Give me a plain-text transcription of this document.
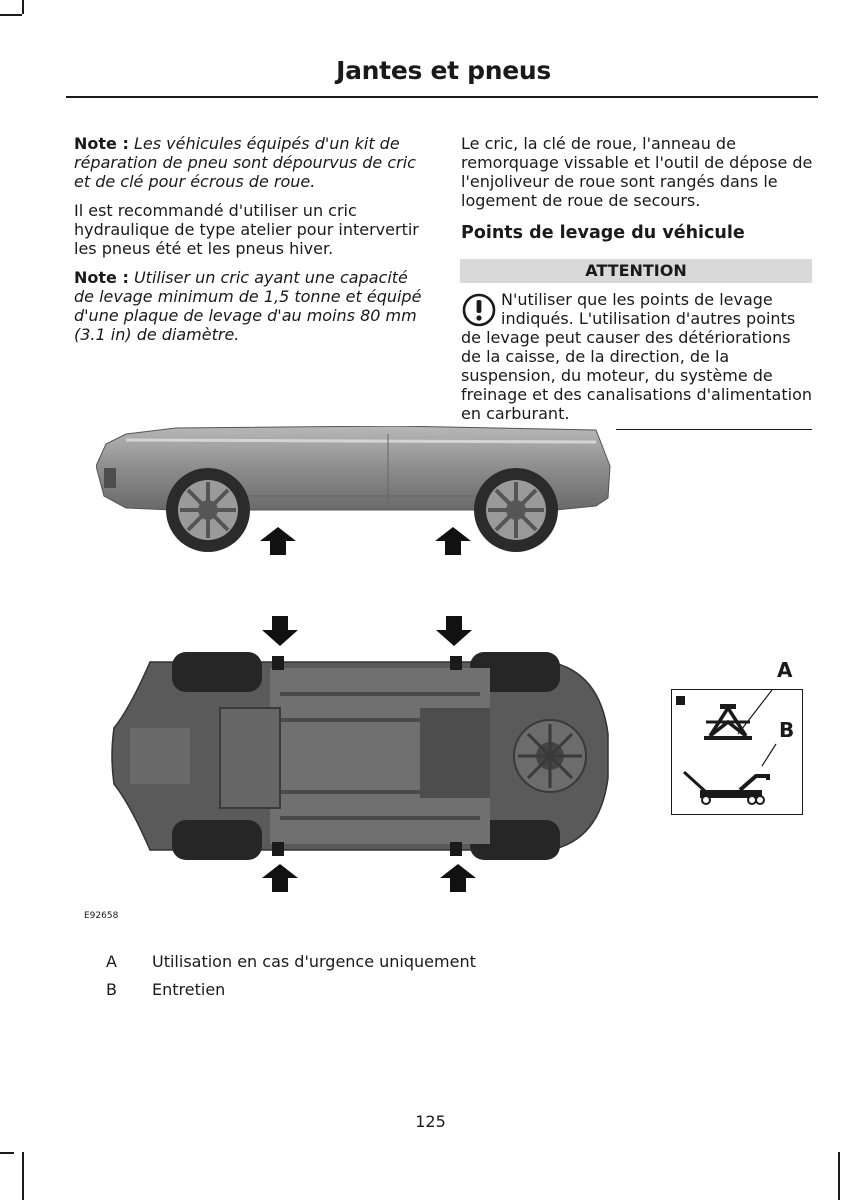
Jantes et pneus

Note : Les véhicules équipés d'un kit de réparation de pneu sont dépourvus de cric et de clé pour écrous de roue.

Il est recommandé d'utiliser un cric hydraulique de type atelier pour intervertir les pneus été et les pneus hiver.

Note : Utiliser un cric ayant une capacité de levage minimum de 1,5 tonne et équipé d'une plaque de levage d'au moins 80 mm (3.1 in) de diamètre.

Le cric, la clé de roue, l'anneau de remorquage vissable et l'outil de dépose de l'enjoliveur de roue sont rangés dans le logement de roue de secours.

Points de levage du véhicule

ATTENTION
N'utiliser que les points de levage indiqués. L'utilisation d'autres points de levage peut causer des détériorations de la caisse, de la direction, de la suspension, du moteur, du système de freinage et des canalisations d'alimentation en carburant.
A
B
E92658
A Utilisation en cas d'urgence uniquement
B Entretien
125
